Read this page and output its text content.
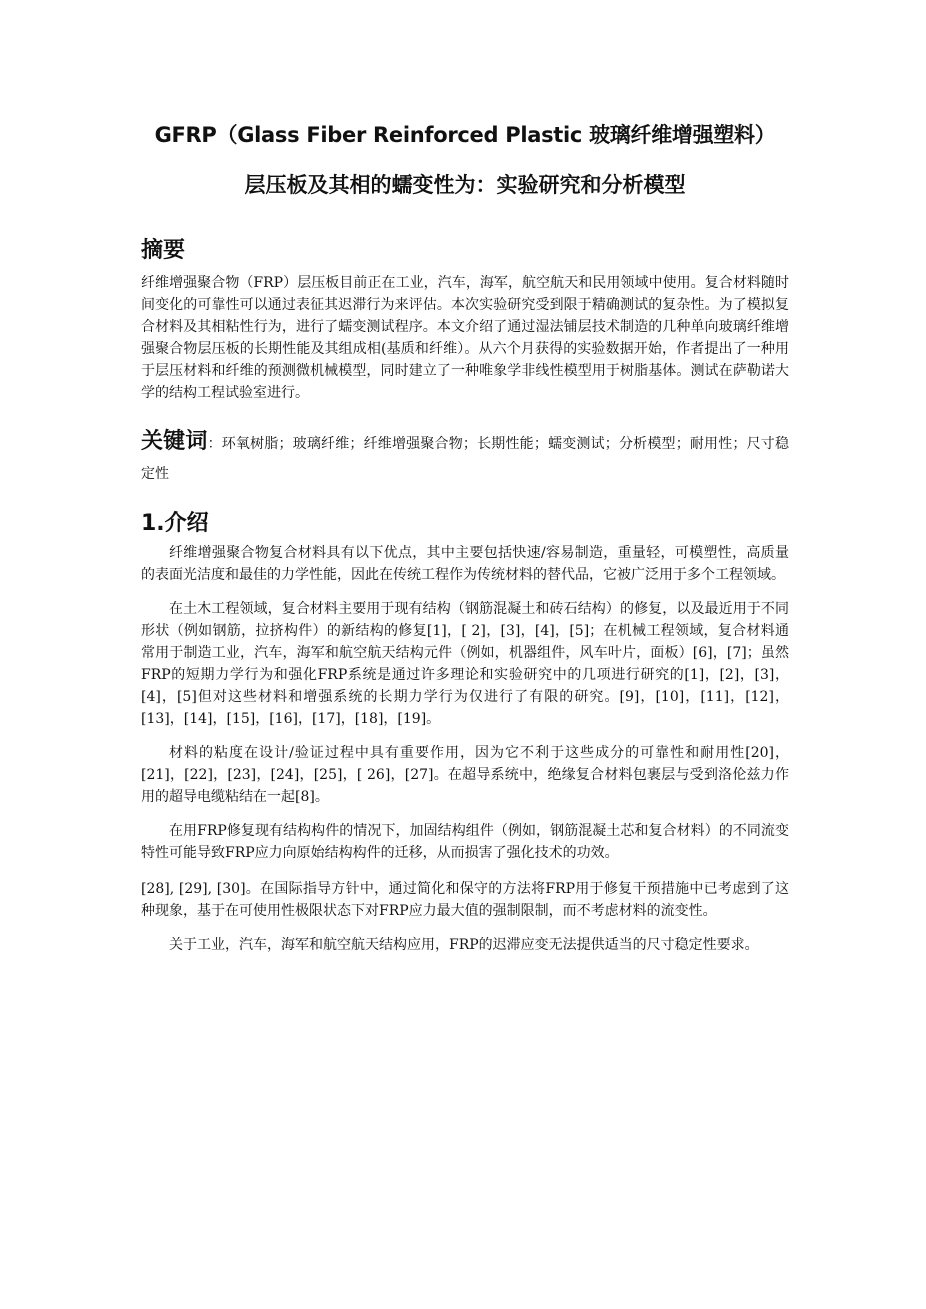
GFRP（Glass Fiber Reinforced Plastic 玻璃纤维增强塑料）
层压板及其相的蠕变性为：实验研究和分析模型
摘要

纤维增强聚合物（FRP）层压板目前正在工业，汽车，海军，航空航天和民用领域中使用。复合材料随时间变化的可靠性可以通过表征其迟滞行为来评估。本次实验研究受到限于精确测试的复杂性。为了模拟复合材料及其相粘性行为，进行了蠕变测试程序。本文介绍了通过湿法铺层技术制造的几种单向玻璃纤维增强聚合物层压板的长期性能及其组成相(基质和纤维）。从六个月获得的实验数据开始，作者提出了一种用于层压材料和纤维的预测微机械模型，同时建立了一种唯象学非线性模型用于树脂基体。测试在萨勒诺大学的结构工程试验室进行。

关键词：环氧树脂；玻璃纤维；纤维增强聚合物；长期性能；蠕变测试；分析模型；耐用性；尺寸稳定性

1.介绍

纤维增强聚合物复合材料具有以下优点，其中主要包括快速/容易制造，重量轻，可模塑性，高质量的表面光洁度和最佳的力学性能，因此在传统工程作为传统材料的替代品，它被广泛用于多个工程领域。

在土木工程领域，复合材料主要用于现有结构（钢筋混凝土和砖石结构）的修复，以及最近用于不同形状（例如钢筋，拉挤构件）的新结构的修复[1]，[ 2]，[3]，[4]，[5]；在机械工程领域，复合材料通常用于制造工业，汽车，海军和航空航天结构元件（例如，机器组件，风车叶片，面板）[6]，[7]；虽然FRP的短期力学行为和强化FRP系统是通过许多理论和实验研究中的几项进行研究的[1]，[2]，[3]，[4]，[5]但对这些材料和增强系统的长期力学行为仅进行了有限的研究。[9]，[10]，[11]，[12]，[13]，[14]，[15]，[16]，[17]，[18]，[19]。

材料的粘度在设计/验证过程中具有重要作用，因为它不利于这些成分的可靠性和耐用性[20]，[21]，[22]，[23]，[24]，[25]，[ 26]，[27]。在超导系统中，绝缘复合材料包裹层与受到洛伦兹力作用的超导电缆粘结在一起[8]。

在用FRP修复现有结构构件的情况下，加固结构组件（例如，钢筋混凝土芯和复合材料）的不同流变特性可能导致FRP应力向原始结构构件的迁移，从而损害了强化技术的功效。

[28], [29], [30]。在国际指导方针中，通过简化和保守的方法将FRP用于修复干预措施中已考虑到了这种现象，基于在可使用性极限状态下对FRP应力最大值的强制限制，而不考虑材料的流变性。

关于工业，汽车，海军和航空航天结构应用，FRP的迟滞应变无法提供适当的尺寸稳定性要求。
